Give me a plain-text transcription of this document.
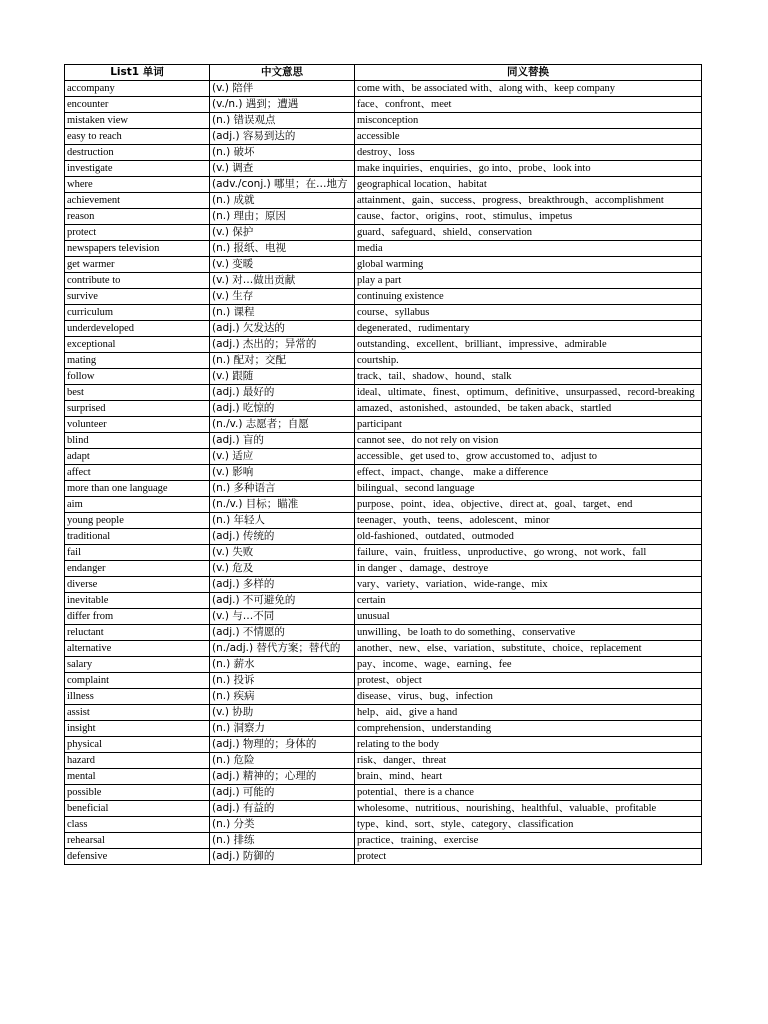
List1 单词	中文意思	同义替换
accompany	(v.) 陪伴	come with、be associated with、along with、keep company
encounter	(v./n.) 遇到；遭遇	face、confront、meet
mistaken view	(n.) 错误观点	misconception
easy to reach	(adj.) 容易到达的	accessible
destruction	(n.) 破坏	destroy、loss
investigate	(v.) 调查	make inquiries、enquiries、go into、probe、look into
where	(adv./conj.) 哪里；在…地方	geographical location、habitat
achievement	(n.) 成就	attainment、gain、success、progress、breakthrough、accomplishment
reason	(n.) 理由；原因	cause、factor、origins、root、stimulus、impetus
protect	(v.) 保护	guard、safeguard、shield、conservation
newspapers television	(n.) 报纸、电视	media
get warmer	(v.) 变暖	global warming
contribute to	(v.) 对…做出贡献	play a part
survive	(v.) 生存	continuing existence
curriculum	(n.) 课程	course、syllabus
underdeveloped	(adj.) 欠发达的	degenerated、rudimentary
exceptional	(adj.) 杰出的；异常的	outstanding、excellent、brilliant、impressive、admirable
mating	(n.) 配对；交配	courtship.
follow	(v.) 跟随	track、tail、shadow、hound、stalk
best	(adj.) 最好的	ideal、ultimate、finest、optimum、definitive、unsurpassed、record-breaking
surprised	(adj.) 吃惊的	amazed、astonished、astounded、be taken aback、startled
volunteer	(n./v.) 志愿者；自愿	participant
blind	(adj.) 盲的	cannot see、do not rely on vision
adapt	(v.) 适应	accessible、get used to、grow accustomed to、adjust to
affect	(v.) 影响	effect、impact、change、 make a difference
more than one language	(n.) 多种语言	bilingual、second language
aim	(n./v.) 目标；瞄准	purpose、point、idea、objective、direct at、goal、target、end
young people	(n.) 年轻人	teenager、youth、teens、adolescent、minor
traditional	(adj.) 传统的	old-fashioned、outdated、outmoded
fail	(v.) 失败	failure、vain、fruitless、unproductive、go wrong、not work、fall
endanger	(v.) 危及	in danger 、damage、destroye
diverse	(adj.) 多样的	vary、variety、variation、wide-range、mix
inevitable	(adj.) 不可避免的	certain
differ from	(v.) 与…不同	unusual
reluctant	(adj.) 不情愿的	unwilling、be loath to do something、conservative
alternative	(n./adj.) 替代方案；替代的	another、new、else、variation、substitute、choice、replacement
salary	(n.) 薪水	pay、income、wage、earning、fee
complaint	(n.) 投诉	protest、object
illness	(n.) 疾病	disease、virus、bug、infection
assist	(v.) 协助	help、aid、give a hand
insight	(n.) 洞察力	comprehension、understanding
physical	(adj.) 物理的；身体的	relating to the body
hazard	(n.) 危险	risk、danger、threat
mental	(adj.) 精神的；心理的	brain、mind、heart
possible	(adj.) 可能的	potential、there is a chance
beneficial	(adj.) 有益的	wholesome、nutritious、nourishing、healthful、valuable、profitable
class	(n.) 分类	type、kind、sort、style、category、classification
rehearsal	(n.) 排练	practice、training、exercise
defensive	(adj.) 防御的	protect
